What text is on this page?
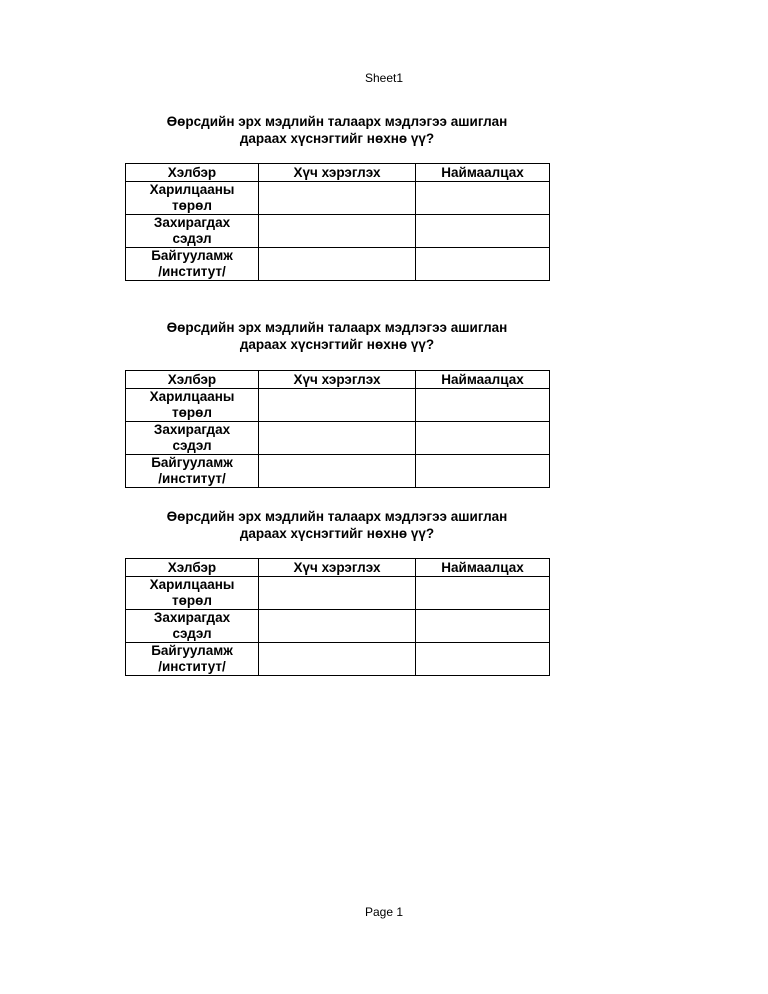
Sheet1
Өөрсдийн эрх мэдлийн талаарх мэдлэгээ ашиглан
дараах хүснэгтийг нөхнө үү?
Хэлбэр	Хүч хэрэглэх	Наймаалцах

Харилцааны
төрөл		

Захирагдах
сэдэл		

Байгууламж
/институт/		

Өөрсдийн эрх мэдлийн талаарх мэдлэгээ ашиглан
дараах хүснэгтийг нөхнө үү?
Хэлбэр	Хүч хэрэглэх	Наймаалцах

Харилцааны
төрөл		

Захирагдах
сэдэл		

Байгууламж
/институт/		

Өөрсдийн эрх мэдлийн талаарх мэдлэгээ ашиглан
дараах хүснэгтийг нөхнө үү?
Хэлбэр	Хүч хэрэглэх	Наймаалцах

Харилцааны
төрөл		

Захирагдах
сэдэл		

Байгууламж
/институт/		

Page 1
